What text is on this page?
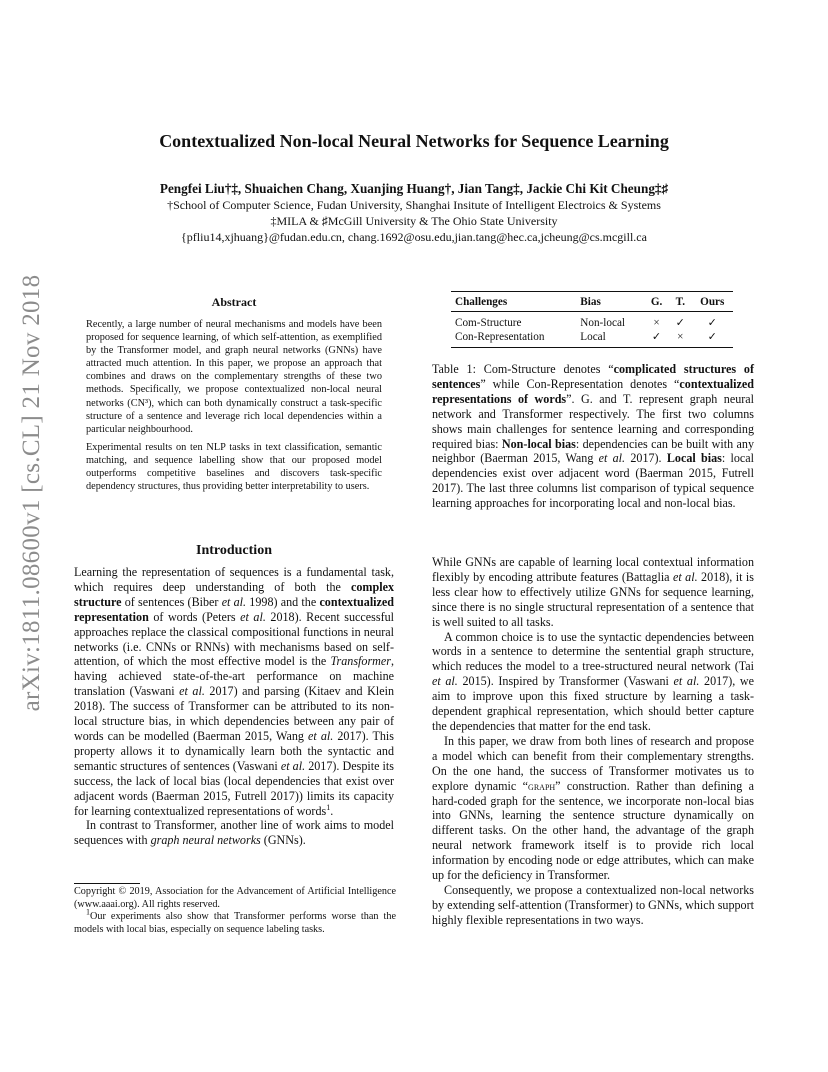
arXiv:1811.08600v1 [cs.CL] 21 Nov 2018
Contextualized Non-local Neural Networks for Sequence Learning
Pengfei Liu†‡, Shuaichen Chang, Xuanjing Huang†, Jian Tang‡, Jackie Chi Kit Cheung‡♯
†School of Computer Science, Fudan University, Shanghai Insitute of Intelligent Electroics & Systems
‡MILA & ♯McGill University & The Ohio State University
{pfliu14,xjhuang}@fudan.edu.cn, chang.1692@osu.edu,jian.tang@hec.ca,jcheung@cs.mcgill.ca
Abstract

Recently, a large number of neural mechanisms and models have been proposed for sequence learning, of which self-attention, as exemplified by the Transformer model, and graph neural networks (GNNs) have attracted much attention. In this paper, we propose an approach that combines and draws on the complementary strengths of these two methods. Specifically, we propose contextualized non-local neural networks (CN³), which can both dynamically construct a task-specific structure of a sentence and leverage rich local dependencies within a particular neighbourhood.

Experimental results on ten NLP tasks in text classification, semantic matching, and sequence labelling show that our proposed model outperforms competitive baselines and discovers task-specific dependency structures, thus providing better interpretability to users.

Challenges	Bias	G.	T.	Ours
Com-Structure	Non-local	×	✓	✓
Con-Representation	Local	✓	×	✓
Table 1: Com-Structure denotes “complicated structures of sentences” while Con-Representation denotes “contextualized representations of words”. G. and T. represent graph neural network and Transformer respectively. The first two columns shows main challenges for sentence learning and corresponding required bias: Non-local bias: dependencies can be built with any neighbor (Baerman 2015, Wang et al. 2017). Local bias: local dependencies exist over adjacent word (Baerman 2015, Futrell 2017). The last three columns list comparison of typical sequence learning approaches for incorporating local and non-local bias.
Introduction

Learning the representation of sequences is a fundamental task, which requires deep understanding of both the complex structure of sentences (Biber et al. 1998) and the contextualized representation of words (Peters et al. 2018). Recent successful approaches replace the classical compositional functions in neural networks (i.e. CNNs or RNNs) with mechanisms based on self-attention, of which the most effective model is the Transformer, having achieved state-of-the-art performance on machine translation (Vaswani et al. 2017) and parsing (Kitaev and Klein 2018). The success of Transformer can be attributed to its non-local structure bias, in which dependencies between any pair of words can be modelled (Baerman 2015, Wang et al. 2017). This property allows it to dynamically learn both the syntactic and semantic structures of sentences (Vaswani et al. 2017). Despite its success, the lack of local bias (local dependencies that exist over adjacent words (Baerman 2015, Futrell 2017)) limits its capacity for learning contextualized representations of words$^1$.

In contrast to Transformer, another line of work aims to model sequences with graph neural networks (GNNs).

Copyright © 2019, Association for the Advancement of Artificial Intelligence (www.aaai.org). All rights reserved.

$^1$Our experiments also show that Transformer performs worse than the models with local bias, especially on sequence labeling tasks.

While GNNs are capable of learning local contextual information flexibly by encoding attribute features (Battaglia et al. 2018), it is less clear how to effectively utilize GNNs for sequence learning, since there is no single structural representation of a sentence that is well suited to all tasks.

A common choice is to use the syntactic dependencies between words in a sentence to determine the sentential graph structure, which reduces the model to a tree-structured neural network (Tai et al. 2015). Inspired by Transformer (Vaswani et al. 2017), we aim to improve upon this fixed structure by learning a task-dependent graphical representation, which should better capture the dependencies that matter for the end task.

In this paper, we draw from both lines of research and propose a model which can benefit from their complementary strengths. On the one hand, the success of Transformer motivates us to explore dynamic “graph” construction. Rather than defining a hard-coded graph for the sentence, we incorporate non-local bias into GNNs, learning the sentence structure dynamically on different tasks. On the other hand, the advantage of the graph neural network framework itself is to provide rich local information by encoding node or edge attributes, which can make up for the deficiency in Transformer.

Consequently, we propose a contextualized non-local networks by extending self-attention (Transformer) to GNNs, which support highly flexible representations in two ways.
